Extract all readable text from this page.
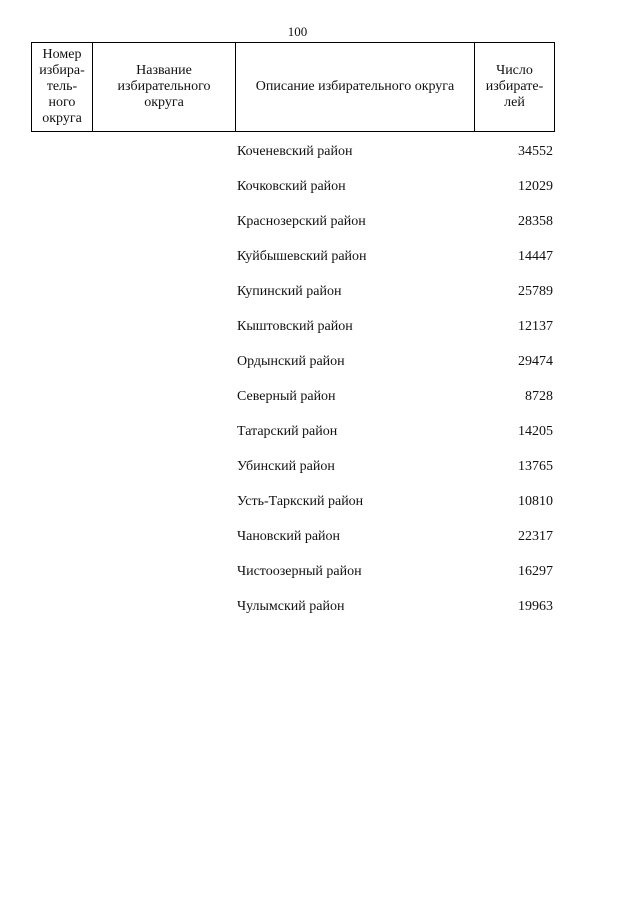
100
Номер
избира-
тель-
ного
округа

Название
избирательного
округа

Описание избирательного округа

Число
избирате-
лей
Коченевский район	34552
Кочковский район	12029
Краснозерский район	28358
Куйбышевский район	14447
Купинский район	25789
Кыштовский район	12137
Ордынский район	29474
Северный район	8728
Татарский район	14205
Убинский район	13765
Усть-Таркский район	10810
Чановский район	22317
Чистоозерный район	16297
Чулымский район	19963
